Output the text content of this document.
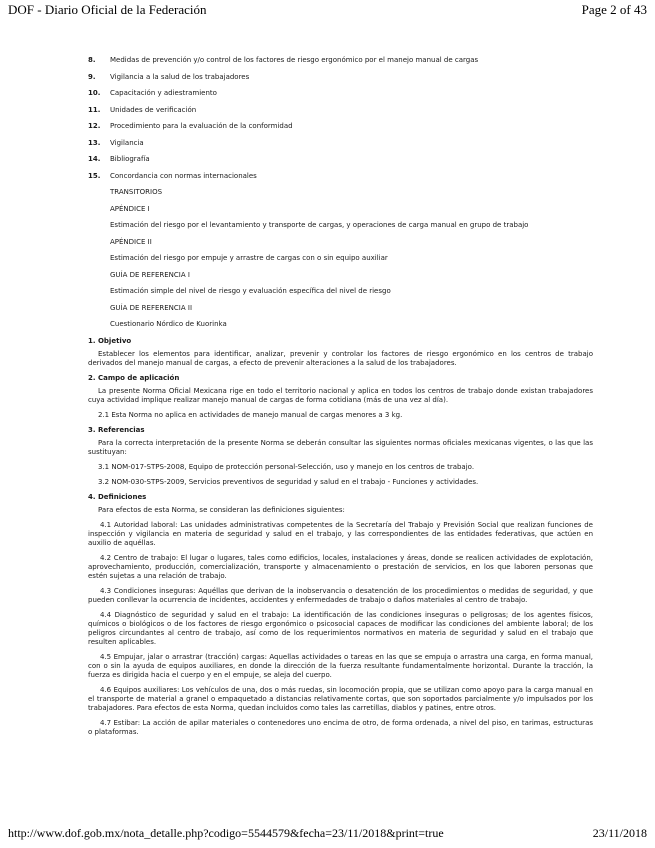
DOF - Diario Oficial de la Federación	Page 2 of 43
8.	Medidas de prevención y/o control de los factores de riesgo ergonómico por el manejo manual de cargas
9.	Vigilancia a la salud de los trabajadores
10.	Capacitación y adiestramiento
11.	Unidades de verificación
12.	Procedimiento para la evaluación de la conformidad
13.	Vigilancia
14.	Bibliografía
15.	Concordancia con normas internacionales
TRANSITORIOS
APÉNDICE I
Estimación del riesgo por el levantamiento y transporte de cargas, y operaciones de carga manual en grupo de trabajo
APÉNDICE II
Estimación del riesgo por empuje y arrastre de cargas con o sin equipo auxiliar
GUÍA DE REFERENCIA I
Estimación simple del nivel de riesgo y evaluación específica del nivel de riesgo
GUÍA DE REFERENCIA II
Cuestionario Nórdico de Kuorinka
1. Objetivo
Establecer los elementos para identificar, analizar, prevenir y controlar los factores de riesgo ergonómico en los centros de trabajo derivados del manejo manual de cargas, a efecto de prevenir alteraciones a la salud de los trabajadores.
2. Campo de aplicación
La presente Norma Oficial Mexicana rige en todo el territorio nacional y aplica en todos los centros de trabajo donde existan trabajadores cuya actividad implique realizar manejo manual de cargas de forma cotidiana (más de una vez al día).
2.1 Esta Norma no aplica en actividades de manejo manual de cargas menores a 3 kg.
3. Referencias
Para la correcta interpretación de la presente Norma se deberán consultar las siguientes normas oficiales mexicanas vigentes, o las que las sustituyan:
3.1 NOM-017-STPS-2008, Equipo de protección personal-Selección, uso y manejo en los centros de trabajo.
3.2 NOM-030-STPS-2009, Servicios preventivos de seguridad y salud en el trabajo - Funciones y actividades.
4. Definiciones
Para efectos de esta Norma, se consideran las definiciones siguientes:
4.1 Autoridad laboral: Las unidades administrativas competentes de la Secretaría del Trabajo y Previsión Social que realizan funciones de inspección y vigilancia en materia de seguridad y salud en el trabajo, y las correspondientes de las entidades federativas, que actúen en auxilio de aquéllas.
4.2 Centro de trabajo: El lugar o lugares, tales como edificios, locales, instalaciones y áreas, donde se realicen actividades de explotación, aprovechamiento, producción, comercialización, transporte y almacenamiento o prestación de servicios, en los que laboren personas que estén sujetas a una relación de trabajo.
4.3 Condiciones inseguras: Aquéllas que derivan de la inobservancia o desatención de los procedimientos o medidas de seguridad, y que pueden conllevar la ocurrencia de incidentes, accidentes y enfermedades de trabajo o daños materiales al centro de trabajo.
4.4 Diagnóstico de seguridad y salud en el trabajo: La identificación de las condiciones inseguras o peligrosas; de los agentes físicos, químicos o biológicos o de los factores de riesgo ergonómico o psicosocial capaces de modificar las condiciones del ambiente laboral; de los peligros circundantes al centro de trabajo, así como de los requerimientos normativos en materia de seguridad y salud en el trabajo que resulten aplicables.
4.5 Empujar, jalar o arrastrar (tracción) cargas: Aquellas actividades o tareas en las que se empuja o arrastra una carga, en forma manual, con o sin la ayuda de equipos auxiliares, en donde la dirección de la fuerza resultante fundamentalmente horizontal. Durante la tracción, la fuerza es dirigida hacia el cuerpo y en el empuje, se aleja del cuerpo.
4.6 Equipos auxiliares: Los vehículos de una, dos o más ruedas, sin locomoción propia, que se utilizan como apoyo para la carga manual en el transporte de material a granel o empaquetado a distancias relativamente cortas, que son soportados parcialmente y/o impulsados por los trabajadores. Para efectos de esta Norma, quedan incluidos como tales las carretillas, diablos y patines, entre otros.
4.7 Estibar: La acción de apilar materiales o contenedores uno encima de otro, de forma ordenada, a nivel del piso, en tarimas, estructuras o plataformas.
http://www.dof.gob.mx/nota_detalle.php?codigo=5544579&fecha=23/11/2018&print=true	23/11/2018
